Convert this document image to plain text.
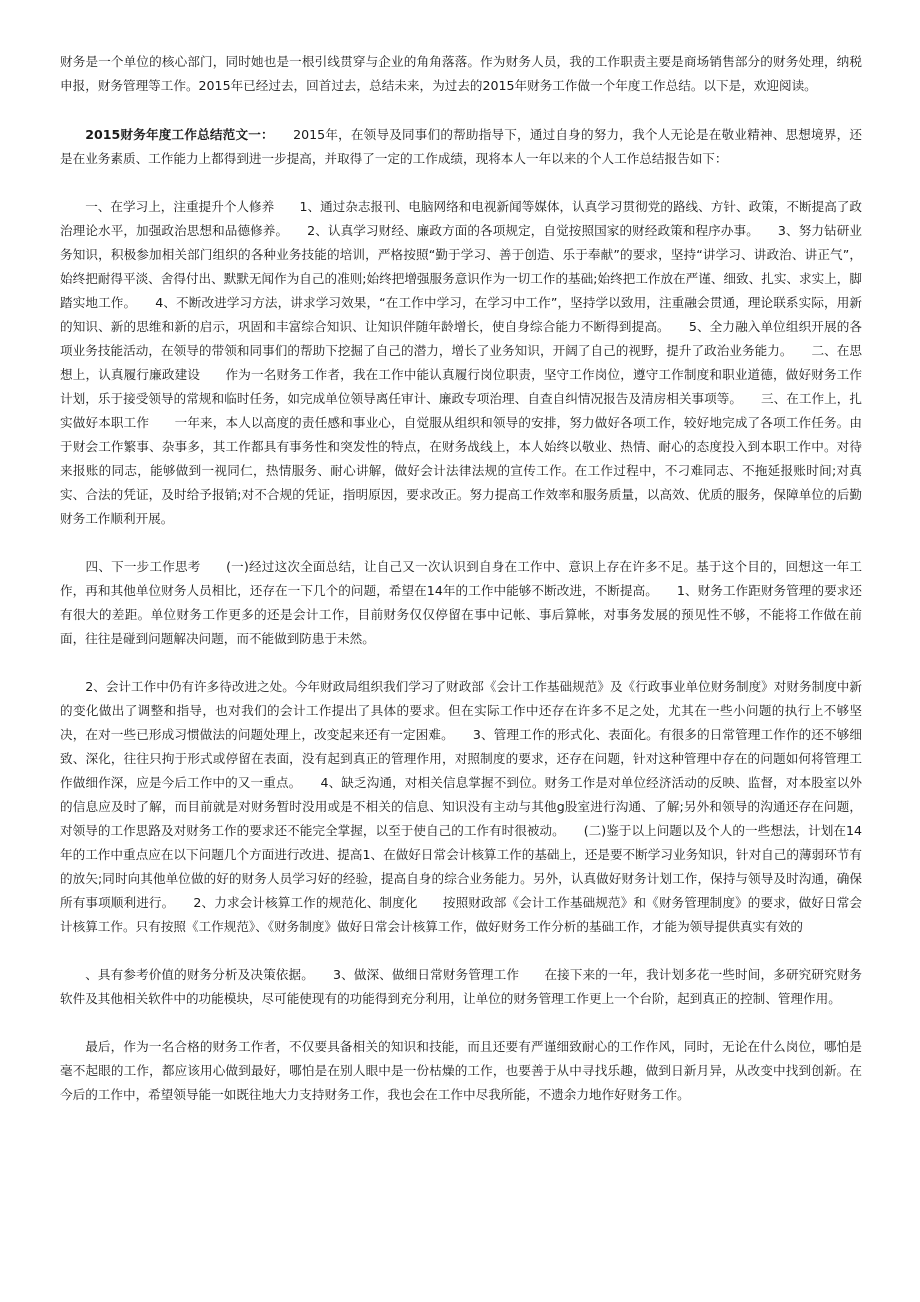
财务是一个单位的核心部门，同时她也是一根引线贯穿与企业的角角落落。作为财务人员，我的工作职责主要是商场销售部分的财务处理，纳税申报，财务管理等工作。2015年已经过去，回首过去，总结未来，为过去的2015年财务工作做一个年度工作总结。以下是，欢迎阅读。

2015财务年度工作总结范文一：　　2015年，在领导及同事们的帮助指导下，通过自身的努力，我个人无论是在敬业精神、思想境界，还是在业务素质、工作能力上都得到进一步提高，并取得了一定的工作成绩，现将本人一年以来的个人工作总结报告如下：

一、在学习上，注重提升个人修养　　1、通过杂志报刊、电脑网络和电视新闻等媒体，认真学习贯彻党的路线、方针、政策，不断提高了政治理论水平，加强政治思想和品德修养。　　2、认真学习财经、廉政方面的各项规定，自觉按照国家的财经政策和程序办事。　　3、努力钻研业务知识，积极参加相关部门组织的各种业务技能的培训，严格按照“勤于学习、善于创造、乐于奉献”的要求，坚持“讲学习、讲政治、讲正气”，始终把耐得平淡、舍得付出、默默无闻作为自己的准则;始终把增强服务意识作为一切工作的基础;始终把工作放在严谨、细致、扎实、求实上，脚踏实地工作。　　4、不断改进学习方法，讲求学习效果，“在工作中学习，在学习中工作”，坚持学以致用，注重融会贯通，理论联系实际，用新的知识、新的思维和新的启示，巩固和丰富综合知识、让知识伴随年龄增长，使自身综合能力不断得到提高。　　5、全力融入单位组织开展的各项业务技能活动，在领导的带领和同事们的帮助下挖掘了自己的潜力，增长了业务知识，开阔了自己的视野，提升了政治业务能力。　　二、在思想上，认真履行廉政建设　　作为一名财务工作者，我在工作中能认真履行岗位职责，坚守工作岗位，遵守工作制度和职业道德，做好财务工作计划，乐于接受领导的常规和临时任务，如完成单位领导离任审计、廉政专项治理、自查自纠情况报告及清房相关事项等。　　三、在工作上，扎实做好本职工作　　一年来，本人以高度的责任感和事业心，自觉服从组织和领导的安排，努力做好各项工作，较好地完成了各项工作任务。由于财会工作繁事、杂事多，其工作都具有事务性和突发性的特点，在财务战线上，本人始终以敬业、热情、耐心的态度投入到本职工作中。对待来报账的同志，能够做到一视同仁，热情服务、耐心讲解，做好会计法律法规的宣传工作。在工作过程中，不刁难同志、不拖延报账时间;对真实、合法的凭证，及时给予报销;对不合规的凭证，指明原因，要求改正。努力提高工作效率和服务质量，以高效、优质的服务，保障单位的后勤财务工作顺利开展。

　　四、下一步工作思考　　(一)经过这次全面总结，让自己又一次认识到自身在工作中、意识上存在许多不足。基于这个目的，回想这一年工作，再和其他单位财务人员相比，还存在一下几个的问题，希望在14年的工作中能够不断改进，不断提高。　　1、财务工作距财务管理的要求还有很大的差距。单位财务工作更多的还是会计工作，目前财务仅仅停留在事中记帐、事后算帐，对事务发展的预见性不够，不能将工作做在前面，往往是碰到问题解决问题，而不能做到防患于未然。

2、会计工作中仍有许多待改进之处。今年财政局组织我们学习了财政部《会计工作基础规范》及《行政事业单位财务制度》对财务制度中新的变化做出了调整和指导，也对我们的会计工作提出了具体的要求。但在实际工作中还存在许多不足之处，尤其在一些小问题的执行上不够坚决，在对一些已形成习惯做法的问题处理上，改变起来还有一定困难。　　3、管理工作的形式化、表面化。有很多的日常管理工作作的还不够细致、深化，往往只拘于形式或停留在表面，没有起到真正的管理作用，对照制度的要求，还存在问题，针对这种管理中存在的问题如何将管理工作做细作深，应是今后工作中的又一重点。　　4、缺乏沟通，对相关信息掌握不到位。财务工作是对单位经济活动的反映、监督，对本股室以外的信息应及时了解，而目前就是对财务暂时没用或是不相关的信息、知识没有主动与其他g股室进行沟通、了解;另外和领导的沟通还存在问题，对领导的工作思路及对财务工作的要求还不能完全掌握，以至于使自己的工作有时很被动。　　(二)鉴于以上问题以及个人的一些想法，计划在14年的工作中重点应在以下问题几个方面进行改进、提高1、在做好日常会计核算工作的基础上，还是要不断学习业务知识，针对自己的薄弱环节有的放矢;同时向其他单位做的好的财务人员学习好的经验，提高自身的综合业务能力。另外，认真做好财务计划工作，保持与领导及时沟通，确保所有事项顺利进行。　　2、力求会计核算工作的规范化、制度化　　按照财政部《会计工作基础规范》和《财务管理制度》的要求，做好日常会计核算工作。只有按照《工作规范》、《财务制度》做好日常会计核算工作，做好财务工作分析的基础工作，才能为领导提供真实有效的

、具有参考价值的财务分析及决策依据。　　3、做深、做细日常财务管理工作　　在接下来的一年，我计划多花一些时间，多研究研究财务软件及其他相关软件中的功能模块，尽可能使现有的功能得到充分利用，让单位的财务管理工作更上一个台阶，起到真正的控制、管理作用。

最后，作为一名合格的财务工作者，不仅要具备相关的知识和技能，而且还要有严谨细致耐心的工作作风，同时，无论在什么岗位，哪怕是毫不起眼的工作，都应该用心做到最好，哪怕是在别人眼中是一份枯燥的工作，也要善于从中寻找乐趣，做到日新月异，从改变中找到创新。在今后的工作中，希望领导能一如既往地大力支持财务工作，我也会在工作中尽我所能，不遗余力地作好财务工作。
